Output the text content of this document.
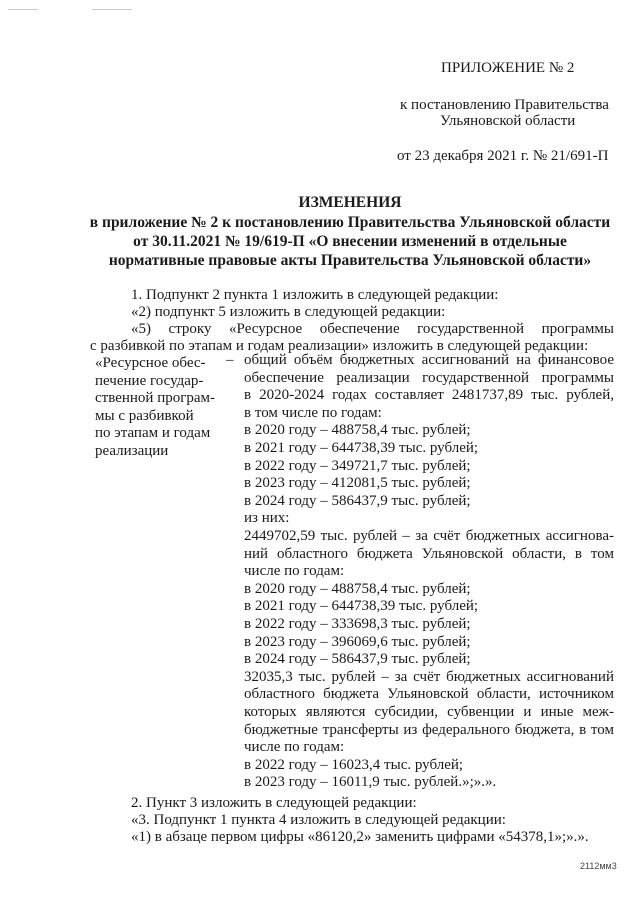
ПРИЛОЖЕНИЕ № 2
к постановлению Правительства
Ульяновской области
от 23 декабря 2021 г. № 21/691-П
ИЗМЕНЕНИЯ
в приложение № 2 к постановлению Правительства Ульяновской области
от 30.11.2021 № 19/619-П «О внесении изменений в отдельные
нормативные правовые акты Правительства Ульяновской области»
1. Подпункт 2 пункта 1 изложить в следующей редакции:
«2) подпункт 5 изложить в следующей редакции:
«5) строку «Ресурсное обеспечение государственной программы
с разбивкой по этапам и годам реализации» изложить в следующей редакции:
«Ресурсное обес-
печение государ-
ственной програм-
мы с разбивкой
по этапам и годам
реализации
– общий объём бюджетных ассигнований на финансовое
обеспечение реализации государственной программы
в 2020-2024 годах составляет 2481737,89 тыс. рублей,
в том числе по годам:
в 2020 году – 488758,4 тыс. рублей;
в 2021 году – 644738,39 тыс. рублей;
в 2022 году – 349721,7 тыс. рублей;
в 2023 году – 412081,5 тыс. рублей;
в 2024 году – 586437,9 тыс. рублей;
из них:
2449702,59 тыс. рублей – за счёт бюджетных ассигнова-
ний областного бюджета Ульяновской области, в том
числе по годам:
в 2020 году – 488758,4 тыс. рублей;
в 2021 году – 644738,39 тыс. рублей;
в 2022 году – 333698,3 тыс. рублей;
в 2023 году – 396069,6 тыс. рублей;
в 2024 году – 586437,9 тыс. рублей;
32035,3 тыс. рублей – за счёт бюджетных ассигнований
областного бюджета Ульяновской области, источником
которых являются субсидии, субвенции и иные меж-
бюджетные трансферты из федерального бюджета, в том
числе по годам:
в 2022 году – 16023,4 тыс. рублей;
в 2023 году – 16011,9 тыс. рублей.»;».».
2. Пункт 3 изложить в следующей редакции:
«3. Подпункт 1 пункта 4 изложить в следующей редакции:
«1) в абзаце первом цифры «86120,2» заменить цифрами «54378,1»;».».
2112мм3
